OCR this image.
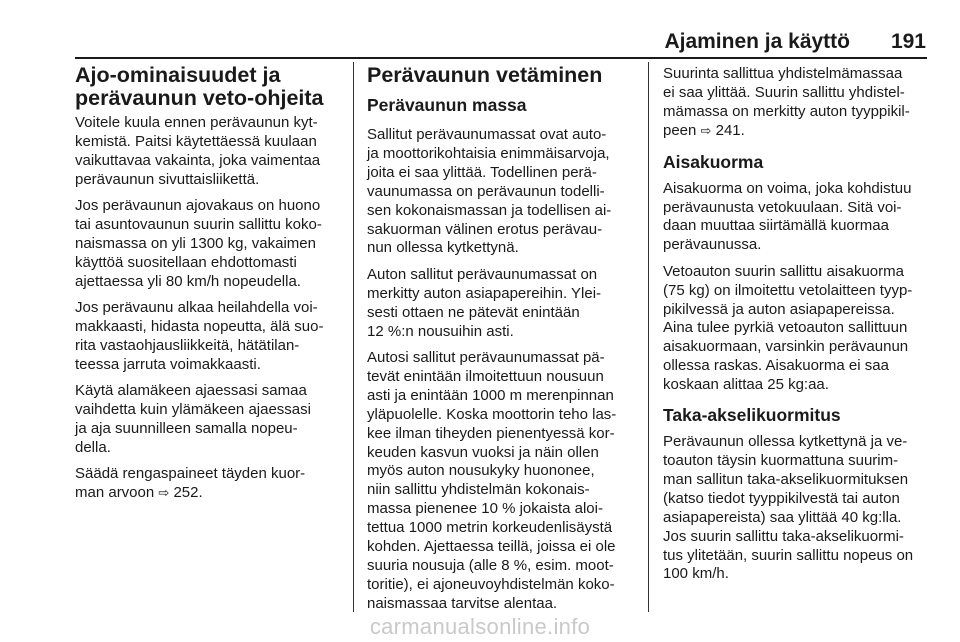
Ajaminen ja käyttö 191
Ajo-ominaisuudet ja
perävaunun veto-ohjeita

Voitele kuula ennen perävaunun kyt-
kemistä. Paitsi käytettäessä kuulaan
vaikuttavaa vakainta, joka vaimentaa
perävaunun sivuttaisliikettä.

Jos perävaunun ajovakaus on huono
tai asuntovaunun suurin sallittu koko-
naismassa on yli 1300 kg, vakaimen
käyttöä suositellaan ehdottomasti
ajettaessa yli 80 km/h nopeudella.

Jos perävaunu alkaa heilahdella voi-
makkaasti, hidasta nopeutta, älä suo-
rita vastaohjausliikkeitä, hätätilan-
teessa jarruta voimakkaasti.

Käytä alamäkeen ajaessasi samaa
vaihdetta kuin ylämäkeen ajaessasi
ja aja suunnilleen samalla nopeu-
della.

Säädä rengaspaineet täyden kuor-
man arvoon ⇨ 252.

Perävaunun vetäminen
Perävaunun massa

Sallitut perävaunumassat ovat auto-
ja moottorikohtaisia enimmäisarvoja,
joita ei saa ylittää. Todellinen perä-
vaunumassa on perävaunun todelli-
sen kokonaismassan ja todellisen ai-
sakuorman välinen erotus perävau-
nun ollessa kytkettynä.

Auton sallitut perävaunumassat on
merkitty auton asiapapereihin. Ylei-
sesti ottaen ne pätevät enintään
12 %:n nousuihin asti.

Autosi sallitut perävaunumassat pä-
tevät enintään ilmoitettuun nousuun
asti ja enintään 1000 m merenpinnan
yläpuolelle. Koska moottorin teho las-
kee ilman tiheyden pienentyessä kor-
keuden kasvun vuoksi ja näin ollen
myös auton nousukyky huononee,
niin sallittu yhdistelmän kokonais-
massa pienenee 10 % jokaista aloi-
tettua 1000 metrin korkeudenlisäystä
kohden. Ajettaessa teillä, joissa ei ole
suuria nousuja (alle 8 %, esim. moot-
toritie), ei ajoneuvoyhdistelmän koko-
naismassaa tarvitse alentaa.

Suurinta sallittua yhdistelmämassaa
ei saa ylittää. Suurin sallittu yhdistel-
mämassa on merkitty auton tyyppikil-
peen ⇨ 241.

Aisakuorma

Aisakuorma on voima, joka kohdistuu
perävaunusta vetokuulaan. Sitä voi-
daan muuttaa siirtämällä kuormaa
perävaunussa.

Vetoauton suurin sallittu aisakuorma
(75 kg) on ilmoitettu vetolaitteen tyyp-
pikilvessä ja auton asiapapereissa.
Aina tulee pyrkiä vetoauton sallittuun
aisakuormaan, varsinkin perävaunun
ollessa raskas. Aisakuorma ei saa
koskaan alittaa 25 kg:aa.

Taka-akselikuormitus

Perävaunun ollessa kytkettynä ja ve-
toauton täysin kuormattuna suurim-
man sallitun taka-akselikuormituksen
(katso tiedot tyyppikilvestä tai auton
asiapapereista) saa ylittää 40 kg:lla.
Jos suurin sallittu taka-akselikuormi-
tus ylitetään, suurin sallittu nopeus on
100 km/h.

carmanualsonline.info
